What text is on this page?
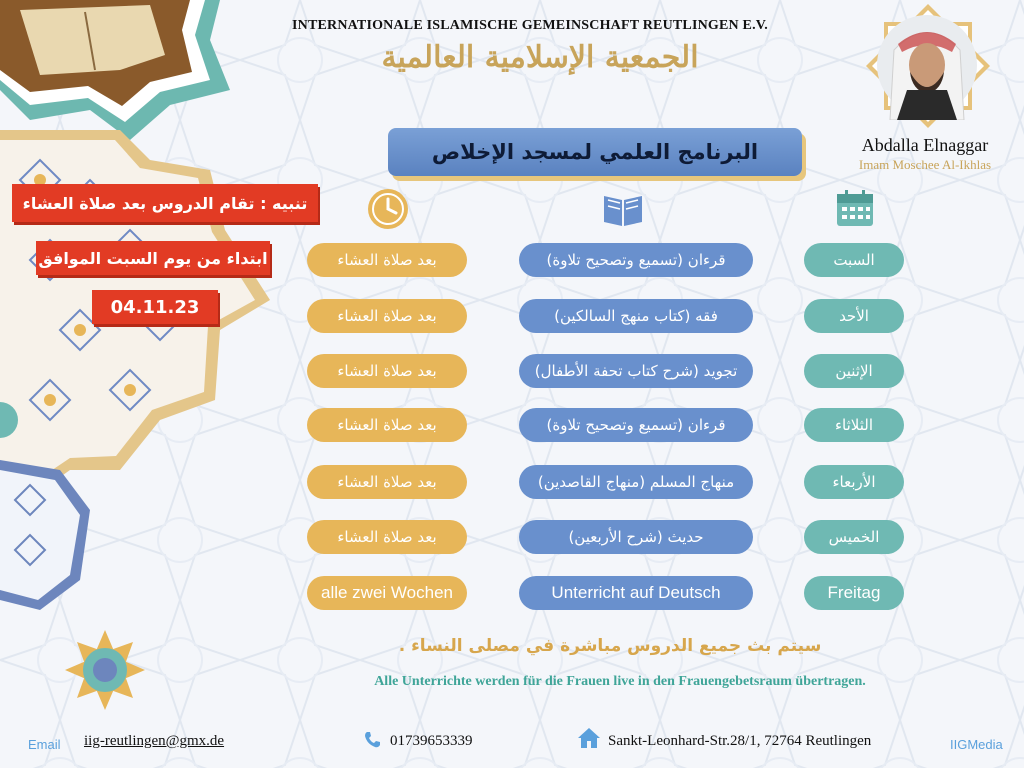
INTERNATIONALE ISLAMISCHE GEMEINSCHAFT REUTLINGEN E.V.
الجمعية الإسلامية العالمية
البرنامج العلمي لمسجد الإخلاص	Abdalla Elnaggar
Imam Moschee Al-Ikhlas
تنبيه : تقام الدروس بعد صلاة العشاء
ابتداء من يوم السبت الموافق
04.11.23
بعد صلاة العشاء	قرءان (تسميع وتصحيح تلاوة)	السبت
بعد صلاة العشاء	فقه (كتاب منهج السالكين)	الأحد
بعد صلاة العشاء	تجويد (شرح كتاب تحفة الأطفال)	الإثنين
بعد صلاة العشاء	قرءان (تسميع وتصحيح تلاوة)	الثلاثاء
بعد صلاة العشاء	منهاج المسلم (منهاج القاصدين)	الأربعاء
بعد صلاة العشاء	حديث (شرح الأربعين)	الخميس
alle zwei Wochen	Unterricht auf Deutsch	Freitag
سيتم بث جميع الدروس مباشرة في مصلى النساء .
Alle Unterrichte werden für die Frauen live in den Frauengebetsraum übertragen.
Email iig-reutlingen@gmx.de	01739653339	Sankt-Leonhard-Str.28/1, 72764 Reutlingen	IIGMedia
